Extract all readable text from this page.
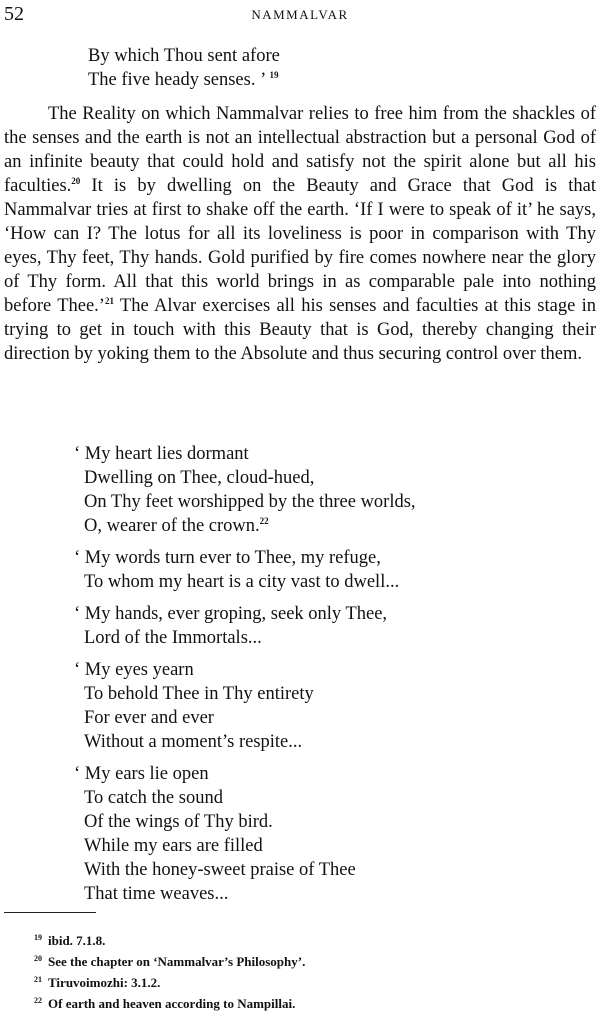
52	NAMMALVAR
By which Thou sent afore
The five heady senses. ’ $^{19}$

The Reality on which Nammalvar relies to free him from the shackles of the senses and the earth is not an intellectual abstraction but a personal God of an infinite beauty that could hold and satisfy not the spirit alone but all his faculties.$^{20}$ It is by dwelling on the Beauty and Grace that God is that Nammalvar tries at first to shake off the earth. ‘If I were to speak of it’ he says, ‘How can I? The lotus for all its loveliness is poor in comparison with Thy eyes, Thy feet, Thy hands. Gold purified by fire comes nowhere near the glory of Thy form. All that this world brings in as comparable pale into nothing before Thee.’$^{21}$ The Alvar exercises all his senses and faculties at this stage in trying to get in touch with this Beauty that is God, thereby changing their direction by yoking them to the Absolute and thus securing control over them.

‘ My heart lies dormant
Dwelling on Thee, cloud-hued,
On Thy feet worshipped by the three worlds,
O, wearer of the crown.$^{22}$
‘ My words turn ever to Thee, my refuge,
To whom my heart is a city vast to dwell...
‘ My hands, ever groping, seek only Thee,
Lord of the Immortals...
‘ My eyes yearn
To behold Thee in Thy entirety
For ever and ever
Without a moment’s respite...
‘ My ears lie open
To catch the sound
Of the wings of Thy bird.
While my ears are filled
With the honey-sweet praise of Thee
That time weaves...
$^{19}$ ibid. 7.1.8.
$^{20}$ See the chapter on ‘Nammalvar’s Philosophy’.
$^{21}$ Tiruvoimozhi: 3.1.2.
$^{22}$ Of earth and heaven according to Nampillai.
